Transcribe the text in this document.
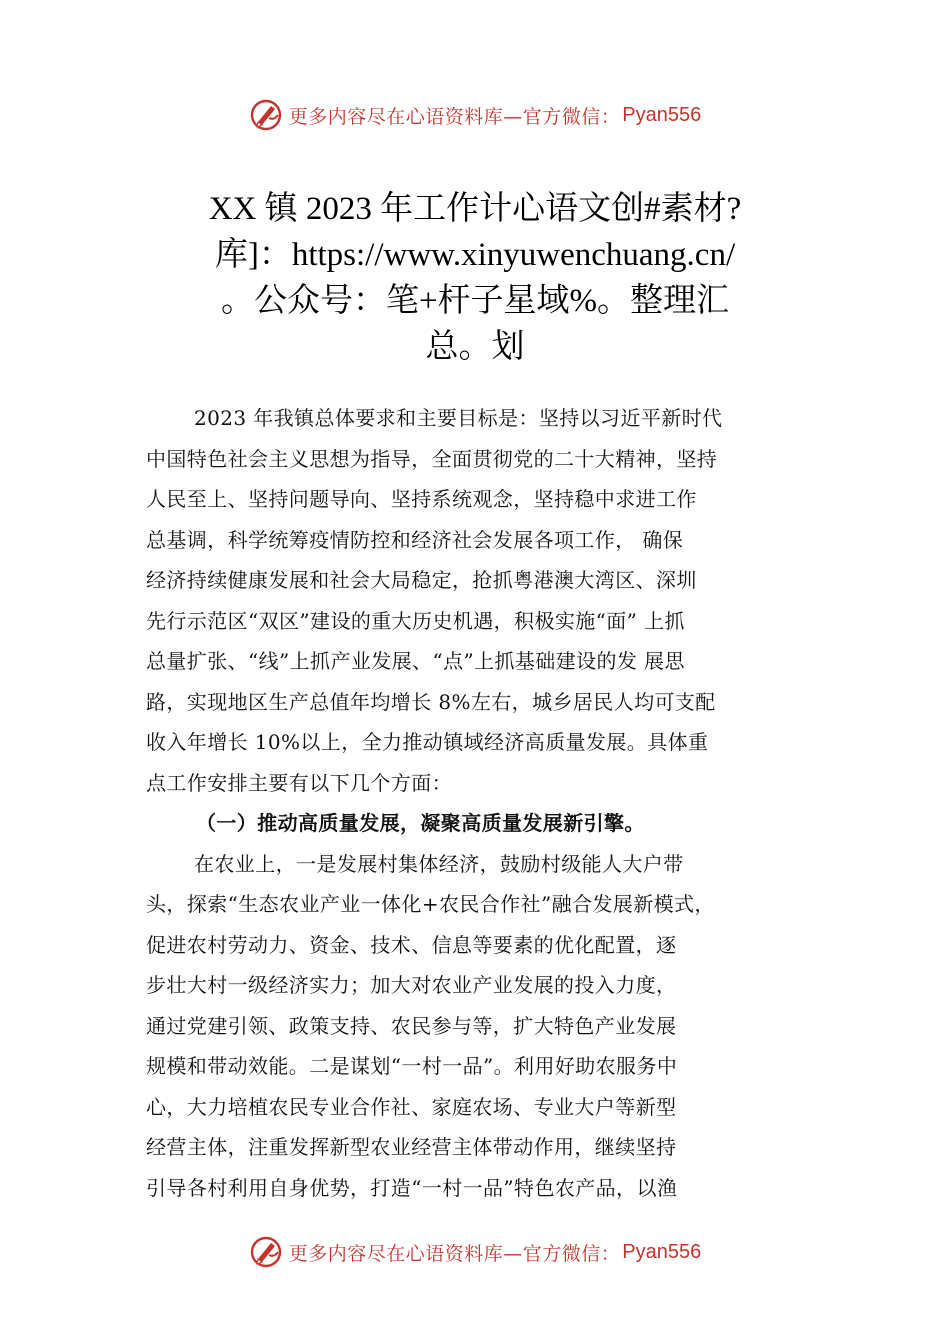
更多内容尽在心语资料库—官方微信： Pyan556
XX 镇 2023 年工作计心语文创#素材?
库]：https://www.xinyuwenchuang.cn/
。公众号：笔+杆子星域%。整理汇
总。划
2023 年我镇总体要求和主要目标是：坚持以习近平新时代
中国特色社会主义思想为指导，全面贯彻党的二十大精神，坚持
人民至上、坚持问题导向、坚持系统观念，坚持稳中求进工作
总基调，科学统筹疫情防控和经济社会发展各项工作， 确保
经济持续健康发展和社会大局稳定，抢抓粤港澳大湾区、深圳
先行示范区“双区”建设的重大历史机遇，积极实施“面” 上抓
总量扩张、“线”上抓产业发展、“点”上抓基础建设的发 展思
路，实现地区生产总值年均增长 8%左右，城乡居民人均可支配
收入年增长 10%以上，全力推动镇域经济高质量发展。具体重
点工作安排主要有以下几个方面：
（一）推动高质量发展，凝聚高质量发展新引擎。
在农业上，一是发展村集体经济，鼓励村级能人大户带
头，探索“生态农业产业一体化+农民合作社”融合发展新模式，
促进农村劳动力、资金、技术、信息等要素的优化配置，逐
步壮大村一级经济实力；加大对农业产业发展的投入力度，
通过党建引领、政策支持、农民参与等，扩大特色产业发展
规模和带动效能。二是谋划“一村一品”。利用好助农服务中
心，大力培植农民专业合作社、家庭农场、专业大户等新型
经营主体，注重发挥新型农业经营主体带动作用，继续坚持
引导各村利用自身优势，打造“一村一品”特色农产品，以渔
更多内容尽在心语资料库—官方微信： Pyan556
